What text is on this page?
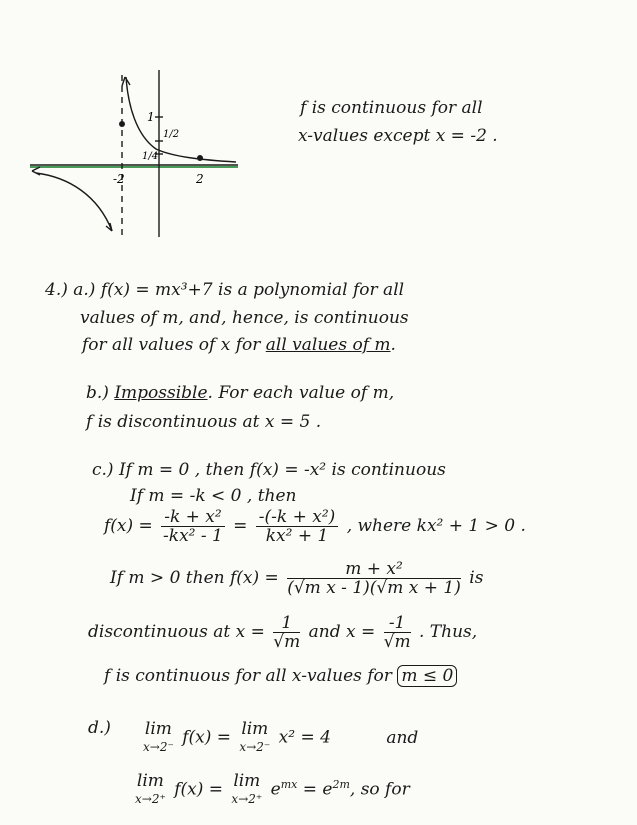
-2	2
1
1/2
1/4
f is continuous for all
x-values except x = -2 .
4.) a.) f(x) = mx³+7 is a polynomial for all
values of m, and, hence, is continuous
for all values of x for all values of m.
b.) Impossible. For each value of m,
f is discontinuous at x = 5 .
c.) If m = 0 , then f(x) = -x² is continuous
If m = -k < 0 , then
$f(x) = \frac{\text{-k + x²}}{\text{-kx² - 1}} = \frac{\text{-(-k + x²)}}{\text{kx² + 1}}$ , where kx² + 1 > 0 .
If m > 0 then $f(x) = \frac{\text{m + x²}}{\text{(√m x - 1)(√m x + 1)}}$ is
discontinuous at $x = \frac{1}{√m}$ and $x = \frac{-1}{√m}$ . Thus,
f is continuous for all x-values for m ≤ 0
d.) lim
x→2⁻ f(x) = lim
x→2⁻ x² = 4	and
lim
x→2⁺ f(x) = lim
x→2⁺ $e^{mx} = e^{2m}$, so for
